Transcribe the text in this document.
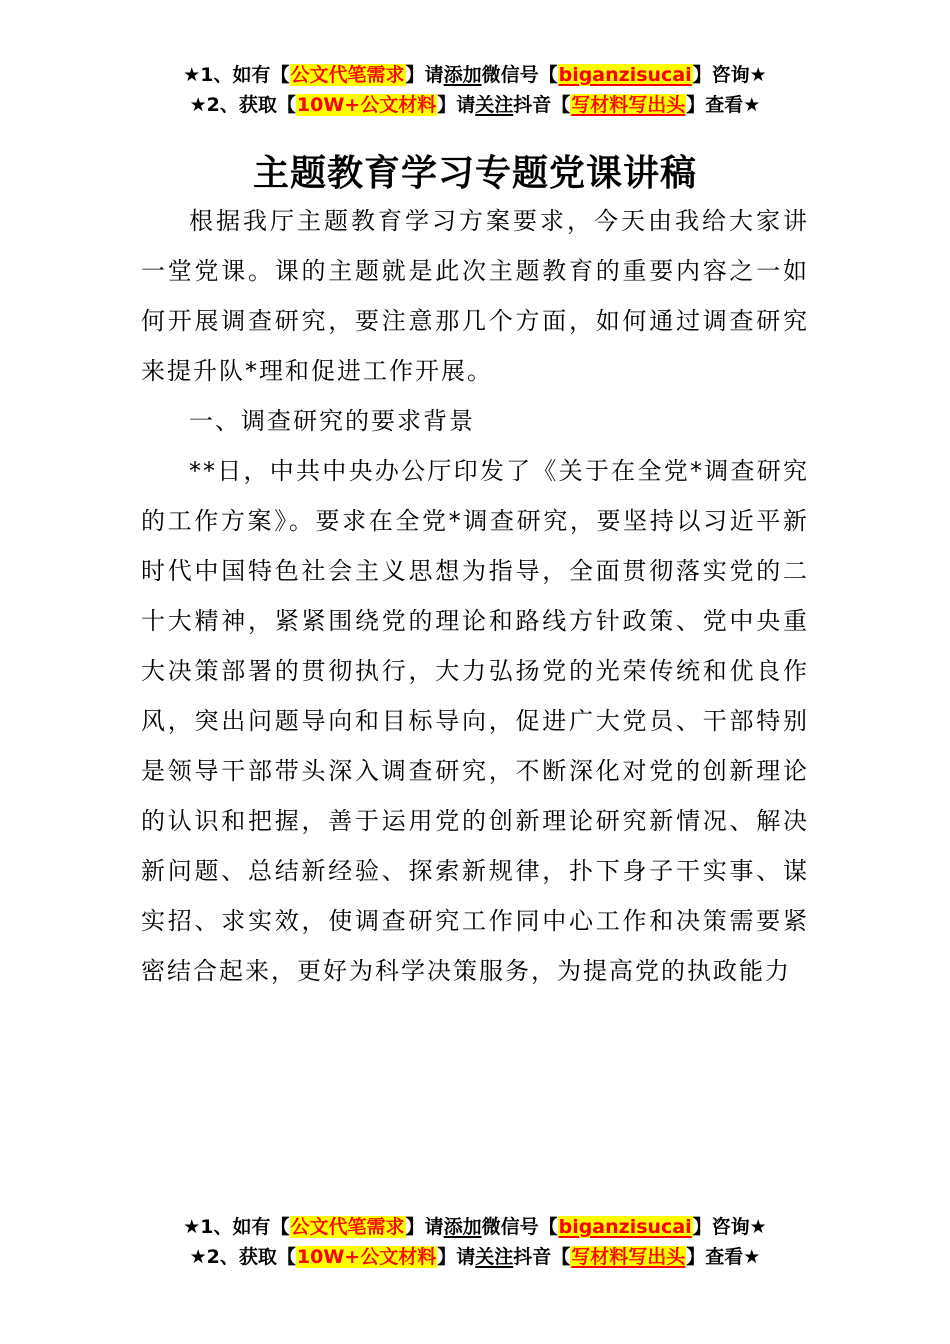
★1、如有【公文代笔需求】请添加微信号【biganzisucai】咨询★
★2、获取【10W+公文材料】请关注抖音【写材料写出头】查看★
主题教育学习专题党课讲稿

根据我厅主题教育学习方案要求，今天由我给大家讲一堂党课。课的主题就是此次主题教育的重要内容之一如何开展调查研究，要注意那几个方面，如何通过调查研究来提升队*理和促进工作开展。

一、调查研究的要求背景

**日，中共中央办公厅印发了《关于在全党*调查研究的工作方案》。要求在全党*调查研究，要坚持以习近平新时代中国特色社会主义思想为指导，全面贯彻落实党的二十大精神，紧紧围绕党的理论和路线方针政策、党中央重大决策部署的贯彻执行，大力弘扬党的光荣传统和优良作风，突出问题导向和目标导向，促进广大党员、干部特别是领导干部带头深入调查研究，不断深化对党的创新理论的认识和把握，善于运用党的创新理论研究新情况、解决新问题、总结新经验、探索新规律，扑下身子干实事、谋实招、求实效，使调查研究工作同中心工作和决策需要紧密结合起来，更好为科学决策服务，为提高党的执政能力

★1、如有【公文代笔需求】请添加微信号【biganzisucai】咨询★
★2、获取【10W+公文材料】请关注抖音【写材料写出头】查看★
